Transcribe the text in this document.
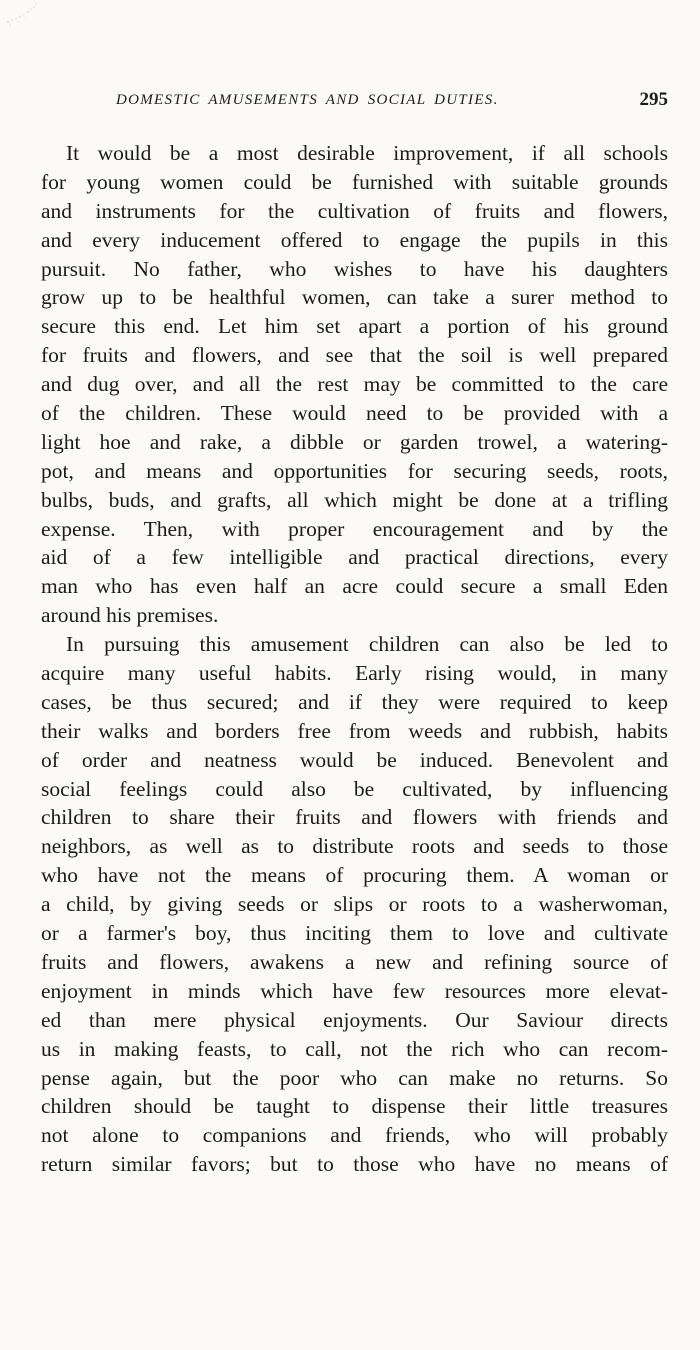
DOMESTIC AMUSEMENTS AND SOCIAL DUTIES.	295
It would be a most desirable improvement, if all schools
for young women could be furnished with suitable grounds
and instruments for the cultivation of fruits and flowers,
and every inducement offered to engage the pupils in this
pursuit. No father, who wishes to have his daughters
grow up to be healthful women, can take a surer method to
secure this end. Let him set apart a portion of his ground
for fruits and flowers, and see that the soil is well prepared
and dug over, and all the rest may be committed to the care
of the children. These would need to be provided with a
light hoe and rake, a dibble or garden trowel, a watering-
pot, and means and opportunities for securing seeds, roots,
bulbs, buds, and grafts, all which might be done at a trifling
expense. Then, with proper encouragement and by the
aid of a few intelligible and practical directions, every
man who has even half an acre could secure a small Eden
around his premises.
In pursuing this amusement children can also be led to
acquire many useful habits. Early rising would, in many
cases, be thus secured; and if they were required to keep
their walks and borders free from weeds and rubbish, habits
of order and neatness would be induced. Benevolent and
social feelings could also be cultivated, by influencing
children to share their fruits and flowers with friends and
neighbors, as well as to distribute roots and seeds to those
who have not the means of procuring them. A woman or
a child, by giving seeds or slips or roots to a washerwoman,
or a farmer's boy, thus inciting them to love and cultivate
fruits and flowers, awakens a new and refining source of
enjoyment in minds which have few resources more elevat-
ed than mere physical enjoyments. Our Saviour directs
us in making feasts, to call, not the rich who can recom-
pense again, but the poor who can make no returns. So
children should be taught to dispense their little treasures
not alone to companions and friends, who will probably
return similar favors; but to those who have no means of
